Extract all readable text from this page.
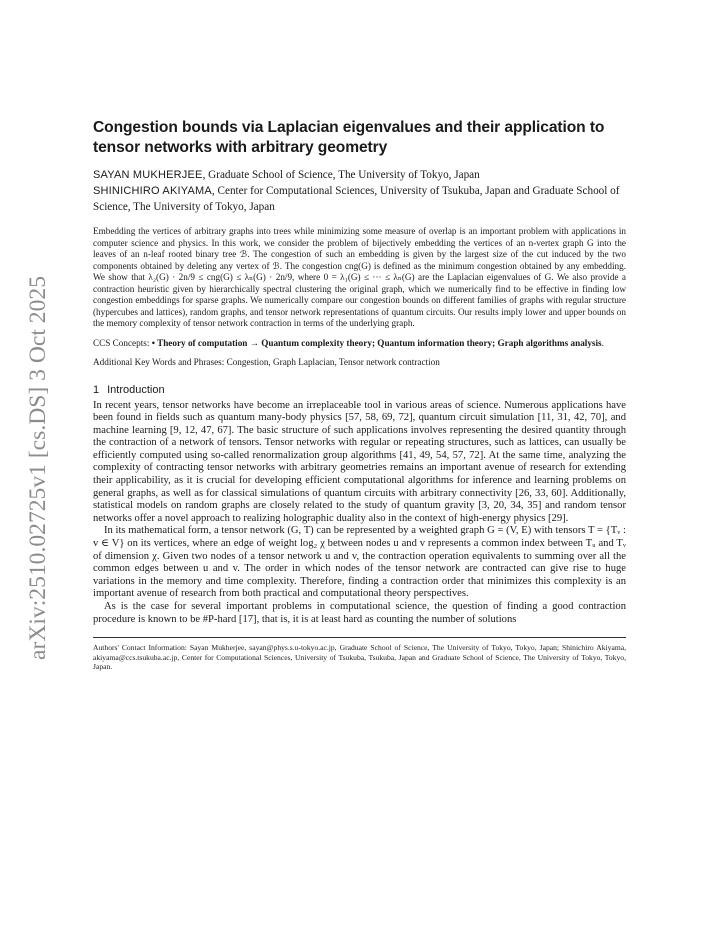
arXiv:2510.02725v1 [cs.DS] 3 Oct 2025
Congestion bounds via Laplacian eigenvalues and their application to tensor networks with arbitrary geometry
SAYAN MUKHERJEE, Graduate School of Science, The University of Tokyo, Japan
SHINICHIRO AKIYAMA, Center for Computational Sciences, University of Tsukuba, Japan and Graduate School of Science, The University of Tokyo, Japan
Embedding the vertices of arbitrary graphs into trees while minimizing some measure of overlap is an important problem with applications in computer science and physics. In this work, we consider the problem of bijectively embedding the vertices of an n-vertex graph G into the leaves of an n-leaf rooted binary tree ℬ. The congestion of such an embedding is given by the largest size of the cut induced by the two components obtained by deleting any vertex of ℬ. The congestion cng(G) is defined as the minimum congestion obtained by any embedding. We show that λ₂(G) · 2n/9 ≤ cng(G) ≤ λₙ(G) · 2n/9, where 0 = λ₁(G) ≤ ··· ≤ λₙ(G) are the Laplacian eigenvalues of G. We also provide a contraction heuristic given by hierarchically spectral clustering the original graph, which we numerically find to be effective in finding low congestion embeddings for sparse graphs. We numerically compare our congestion bounds on different families of graphs with regular structure (hypercubes and lattices), random graphs, and tensor network representations of quantum circuits. Our results imply lower and upper bounds on the memory complexity of tensor network contraction in terms of the underlying graph.
CCS Concepts: • Theory of computation → Quantum complexity theory; Quantum information theory; Graph algorithms analysis.
Additional Key Words and Phrases: Congestion, Graph Laplacian, Tensor network contraction
1 Introduction

In recent years, tensor networks have become an irreplaceable tool in various areas of science. Numerous applications have been found in fields such as quantum many-body physics [57, 58, 69, 72], quantum circuit simulation [11, 31, 42, 70], and machine learning [9, 12, 47, 67]. The basic structure of such applications involves representing the desired quantity through the contraction of a network of tensors. Tensor networks with regular or repeating structures, such as lattices, can usually be efficiently computed using so-called renormalization group algorithms [41, 49, 54, 57, 72]. At the same time, analyzing the complexity of contracting tensor networks with arbitrary geometries remains an important avenue of research for extending their applicability, as it is crucial for developing efficient computational algorithms for inference and learning problems on general graphs, as well as for classical simulations of quantum circuits with arbitrary connectivity [26, 33, 60]. Additionally, statistical models on random graphs are closely related to the study of quantum gravity [3, 20, 34, 35] and random tensor networks offer a novel approach to realizing holographic duality also in the context of high-energy physics [29].

In its mathematical form, a tensor network (G, T) can be represented by a weighted graph G = (V, E) with tensors T = {Tᵥ : v ∈ V} on its vertices, where an edge of weight log₂ χ between nodes u and v represents a common index between Tᵤ and Tᵥ of dimension χ. Given two nodes of a tensor network u and v, the contraction operation equivalents to summing over all the common edges between u and v. The order in which nodes of the tensor network are contracted can give rise to huge variations in the memory and time complexity. Therefore, finding a contraction order that minimizes this complexity is an important avenue of research from both practical and computational theory perspectives.

As is the case for several important problems in computational science, the question of finding a good contraction procedure is known to be #P-hard [17], that is, it is at least hard as counting the number of solutions

Authors' Contact Information: Sayan Mukherjee, sayan@phys.s.u-tokyo.ac.jp, Graduate School of Science, The University of Tokyo, Tokyo, Japan; Shinichiro Akiyama, akiyama@ccs.tsukuba.ac.jp, Center for Computational Sciences, University of Tsukuba, Tsukuba, Japan and Graduate School of Science, The University of Tokyo, Tokyo, Japan.
